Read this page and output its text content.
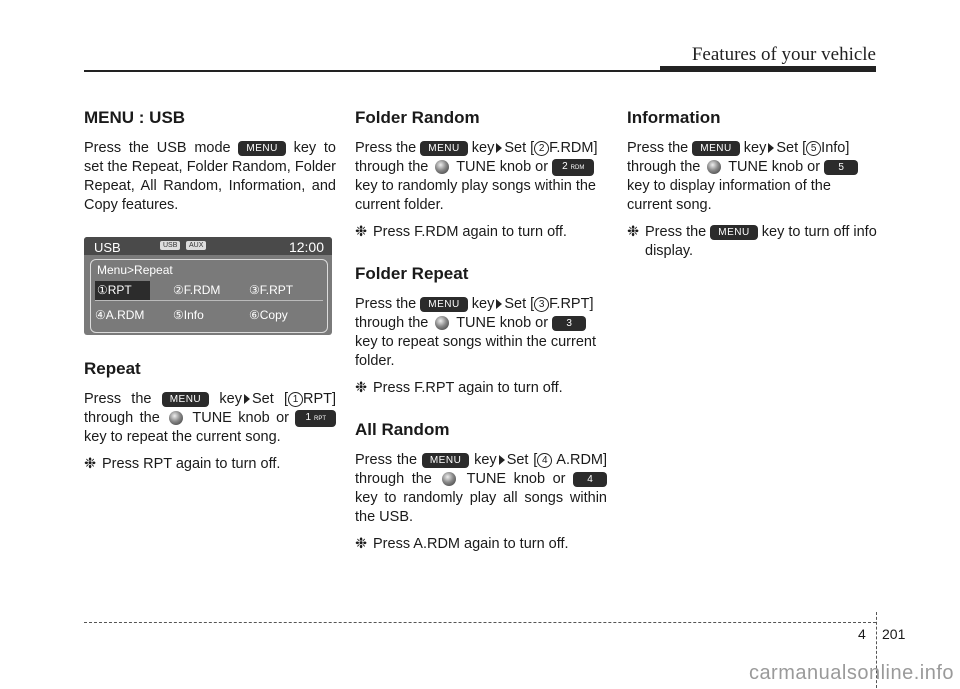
Features of your vehicle
MENU : USB

Press the USB mode MENU key to set the Repeat, Folder Random, Folder Repeat, All Random, Information, and Copy features.

USB	USB	AUX	12:00
Menu>Repeat
①RPT	②F.RDM ③F.RPT
④A.RDM ⑤Info	⑥Copy
Repeat

Press the MENU key Set [ 1 RPT] through the TUNE knob or 1 RPT key to repeat the current song.

❉ Press RPT again to turn off.
Folder Random

Press the MENU key Set [ 2 F.RDM] through the TUNE knob or 2 RDM key to randomly play songs within the current folder.

❉ Press F.RDM again to turn off.
Folder Repeat

Press the MENU key Set [ 3 F.RPT] through the TUNE knob or 3 key to repeat songs within the current folder.

❉ Press F.RPT again to turn off.
All Random

Press the MENU key Set [ 4 A.RDM] through the TUNE knob or 4 key to randomly play all songs within the USB.

❉ Press A.RDM again to turn off.
Information

Press the MENU key Set [ 5 Info] through the TUNE knob or 5 key to display information of the current song.

❉ Press the MENU key to turn off info display.
4 201
carmanualsonline.info
